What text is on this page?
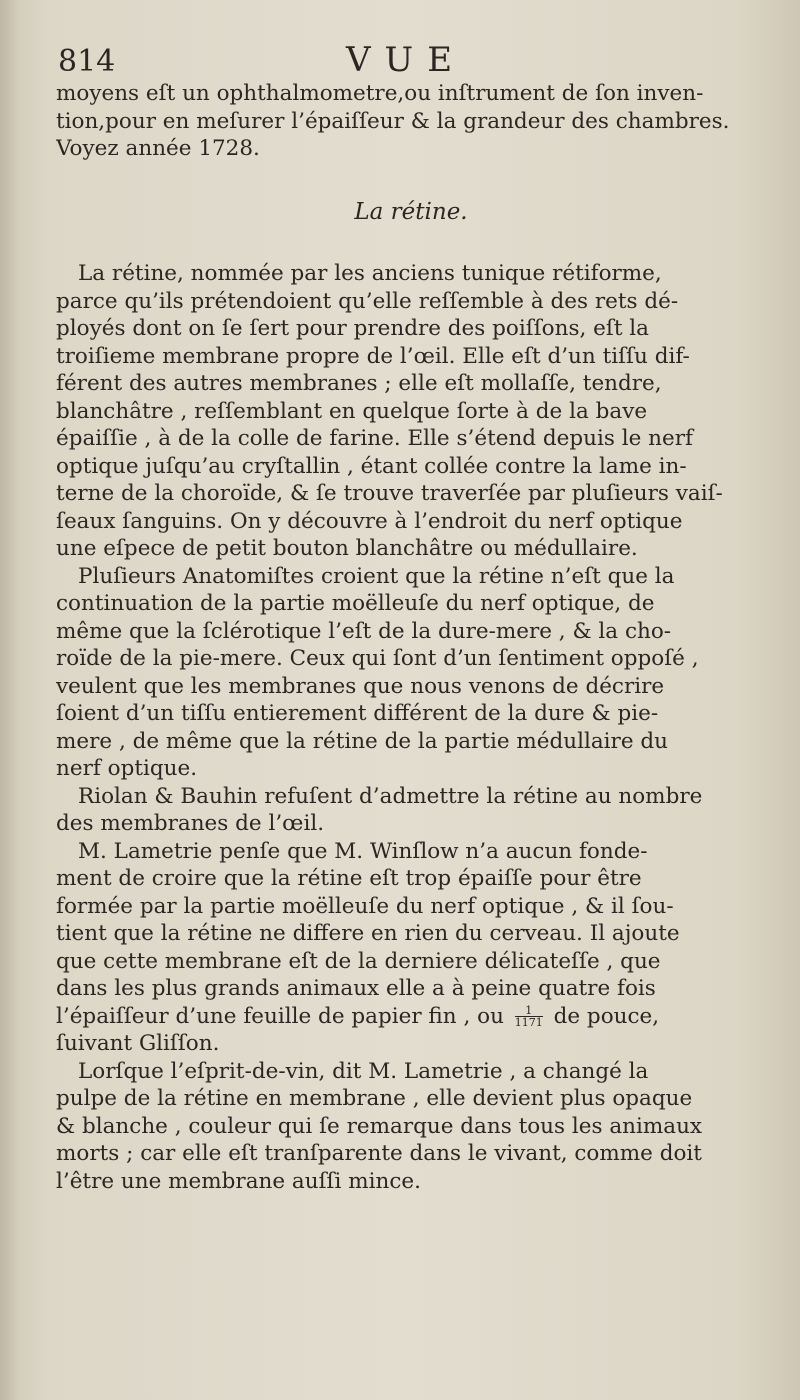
814	VUE
moyens eſt un ophthalmometre,ou inſtrument de ſon inven-
tion,pour en meſurer l’épaiſſeur & la grandeur des chambres.
Voyez année 1728.
La rétine.
La rétine, nommée par les anciens tunique rétiforme,
parce qu’ils prétendoient qu’elle reſſemble à des rets dé-
ployés dont on ſe ſert pour prendre des poiſſons, eſt la
troiſieme membrane propre de l’œil. Elle eſt d’un tiſſu dif-
férent des autres membranes ; elle eſt mollaſſe, tendre,
blanchâtre , reſſemblant en quelque ſorte à de la bave
épaiſſie , à de la colle de farine. Elle s’étend depuis le nerf
optique juſqu’au cryſtallin , étant collée contre la lame in-
terne de la choroïde, & ſe trouve traverſée par pluſieurs vaiſ-
ſeaux ſanguins. On y découvre à l’endroit du nerf optique
une eſpece de petit bouton blanchâtre ou médullaire.
Pluſieurs Anatomiſtes croient que la rétine n’eſt que la
continuation de la partie moëlleuſe du nerf optique, de
même que la ſclérotique l’eſt de la dure-mere , & la cho-
roïde de la pie-mere. Ceux qui ſont d’un ſentiment oppoſé ,
veulent que les membranes que nous venons de décrire
ſoient d’un tiſſu entierement différent de la dure & pie-
mere , de même que la rétine de la partie médullaire du
nerf optique.
Riolan & Bauhin refuſent d’admettre la rétine au nombre
des membranes de l’œil.
M. Lametrie penſe que M. Winſlow n’a aucun fonde-
ment de croire que la rétine eſt trop épaiſſe pour être
formée par la partie moëlleuſe du nerf optique , & il ſou-
tient que la rétine ne differe en rien du cerveau. Il ajoute
que cette membrane eſt de la derniere délicateſſe , que
dans les plus grands animaux elle a à peine quatre fois
l’épaiſſeur d’une feuille de papier fin , ou $\frac{1}{1171}$ de pouce,
ſuivant Gliſſon.
Lorſque l’eſprit-de-vin, dit M. Lametrie , a changé la
pulpe de la rétine en membrane , elle devient plus opaque
& blanche , couleur qui ſe remarque dans tous les animaux
morts ; car elle eſt tranſparente dans le vivant, comme doit
l’être une membrane auſſi mince.
